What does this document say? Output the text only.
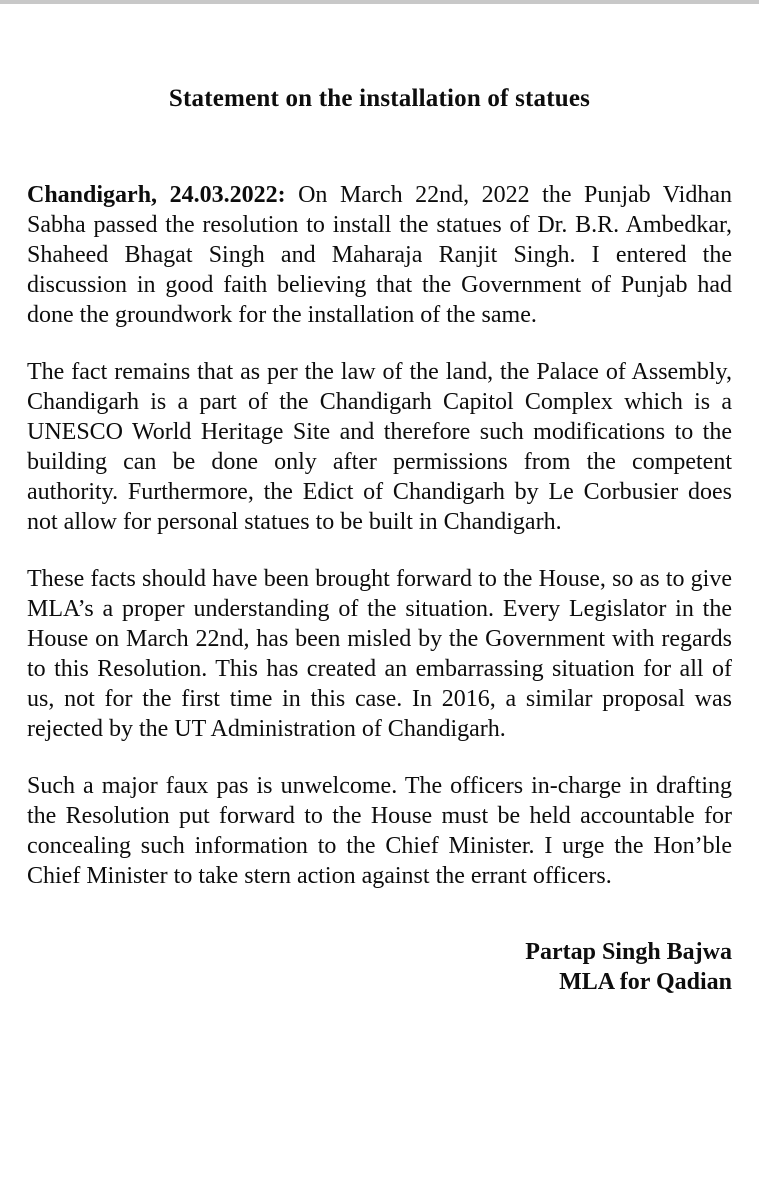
Statement on the installation of statues

Chandigarh, 24.03.2022: On March 22nd, 2022 the Punjab Vidhan Sabha passed the resolution to install the statues of Dr. B.R. Ambedkar, Shaheed Bhagat Singh and Maharaja Ranjit Singh. I entered the discussion in good faith believing that the Government of Punjab had done the groundwork for the installation of the same.

The fact remains that as per the law of the land, the Palace of Assembly, Chandigarh is a part of the Chandigarh Capitol Complex which is a UNESCO World Heritage Site and therefore such modifications to the building can be done only after permissions from the competent authority. Furthermore, the Edict of Chandigarh by Le Corbusier does not allow for personal statues to be built in Chandigarh.

These facts should have been brought forward to the House, so as to give MLA’s a proper understanding of the situation. Every Legislator in the House on March 22nd, has been misled by the Government with regards to this Resolution. This has created an embarrassing situation for all of us, not for the first time in this case. In 2016, a similar proposal was rejected by the UT Administration of Chandigarh.

Such a major faux pas is unwelcome. The officers in-charge in drafting the Resolution put forward to the House must be held accountable for concealing such information to the Chief Minister. I urge the Hon’ble Chief Minister to take stern action against the errant officers.

Partap Singh Bajwa
MLA for Qadian
